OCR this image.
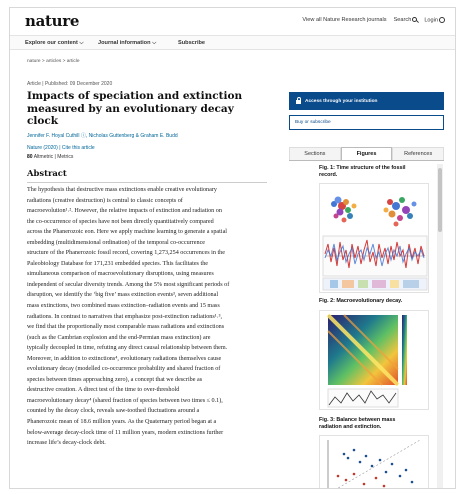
nature	View all Nature Research journals Search	Login
Explore our content ⌵	Journal information ⌵	Subscribe
nature > articles > article
Article | Published: 09 December 2020
Impacts of speciation and extinction
measured by an evolutionary decay clock
Jennifer F. Hoyal Cuthill ⓘ, Nicholas Guttenberg & Graham E. Budd
Nature (2020) | Cite this article
80 Altmetric | Metrics
Abstract
The hypothesis that destructive mass extinctions enable creative evolutionary
radiations (creative destruction) is central to classic concepts of
macroevolution¹˒². However, the relative impacts of extinction and radiation on
the co-occurrence of species have not been directly quantitatively compared
across the Phanerozoic eon. Here we apply machine learning to generate a spatial
embedding (multidimensional ordination) of the temporal co-occurrence
structure of the Phanerozoic fossil record, covering 1,273,254 occurrences in the
Paleobiology Database for 171,231 embedded species. This facilitates the
simultaneous comparison of macroevolutionary disruptions, using measures
independent of secular diversity trends. Among the 5% most significant periods of
disruption, we identify the ‘big five’ mass extinction events³, seven additional
mass extinctions, two combined mass extinction–radiation events and 15 mass
radiations. In contrast to narratives that emphasize post-extinction radiations¹˒³,
we find that the proportionally most comparable mass radiations and extinctions
(such as the Cambrian explosion and the end-Permian mass extinction) are
typically decoupled in time, refuting any direct causal relationship between them.
Moreover, in addition to extinctions⁴, evolutionary radiations themselves cause
evolutionary decay (modelled co-occurrence probability and shared fraction of
species between times approaching zero), a concept that we describe as
destructive creation. A direct test of the time to over-threshold
macroevolutionary decay⁴ (shared fraction of species between two times ≤ 0.1),
counted by the decay clock, reveals saw-toothed fluctuations around a
Phanerozoic mean of 18.6 million years. As the Quaternary period began at a
below-average decay-clock time of 11 million years, modern extinctions further
increase life’s decay-clock debt.
Access through your institution
Buy or subscribe
Sections	Figures	References
Fig. 1: Time structure of the fossil
record.
Fig. 2: Macroevolutionary decay.
Fig. 3: Balance between mass
radiation and extinction.
